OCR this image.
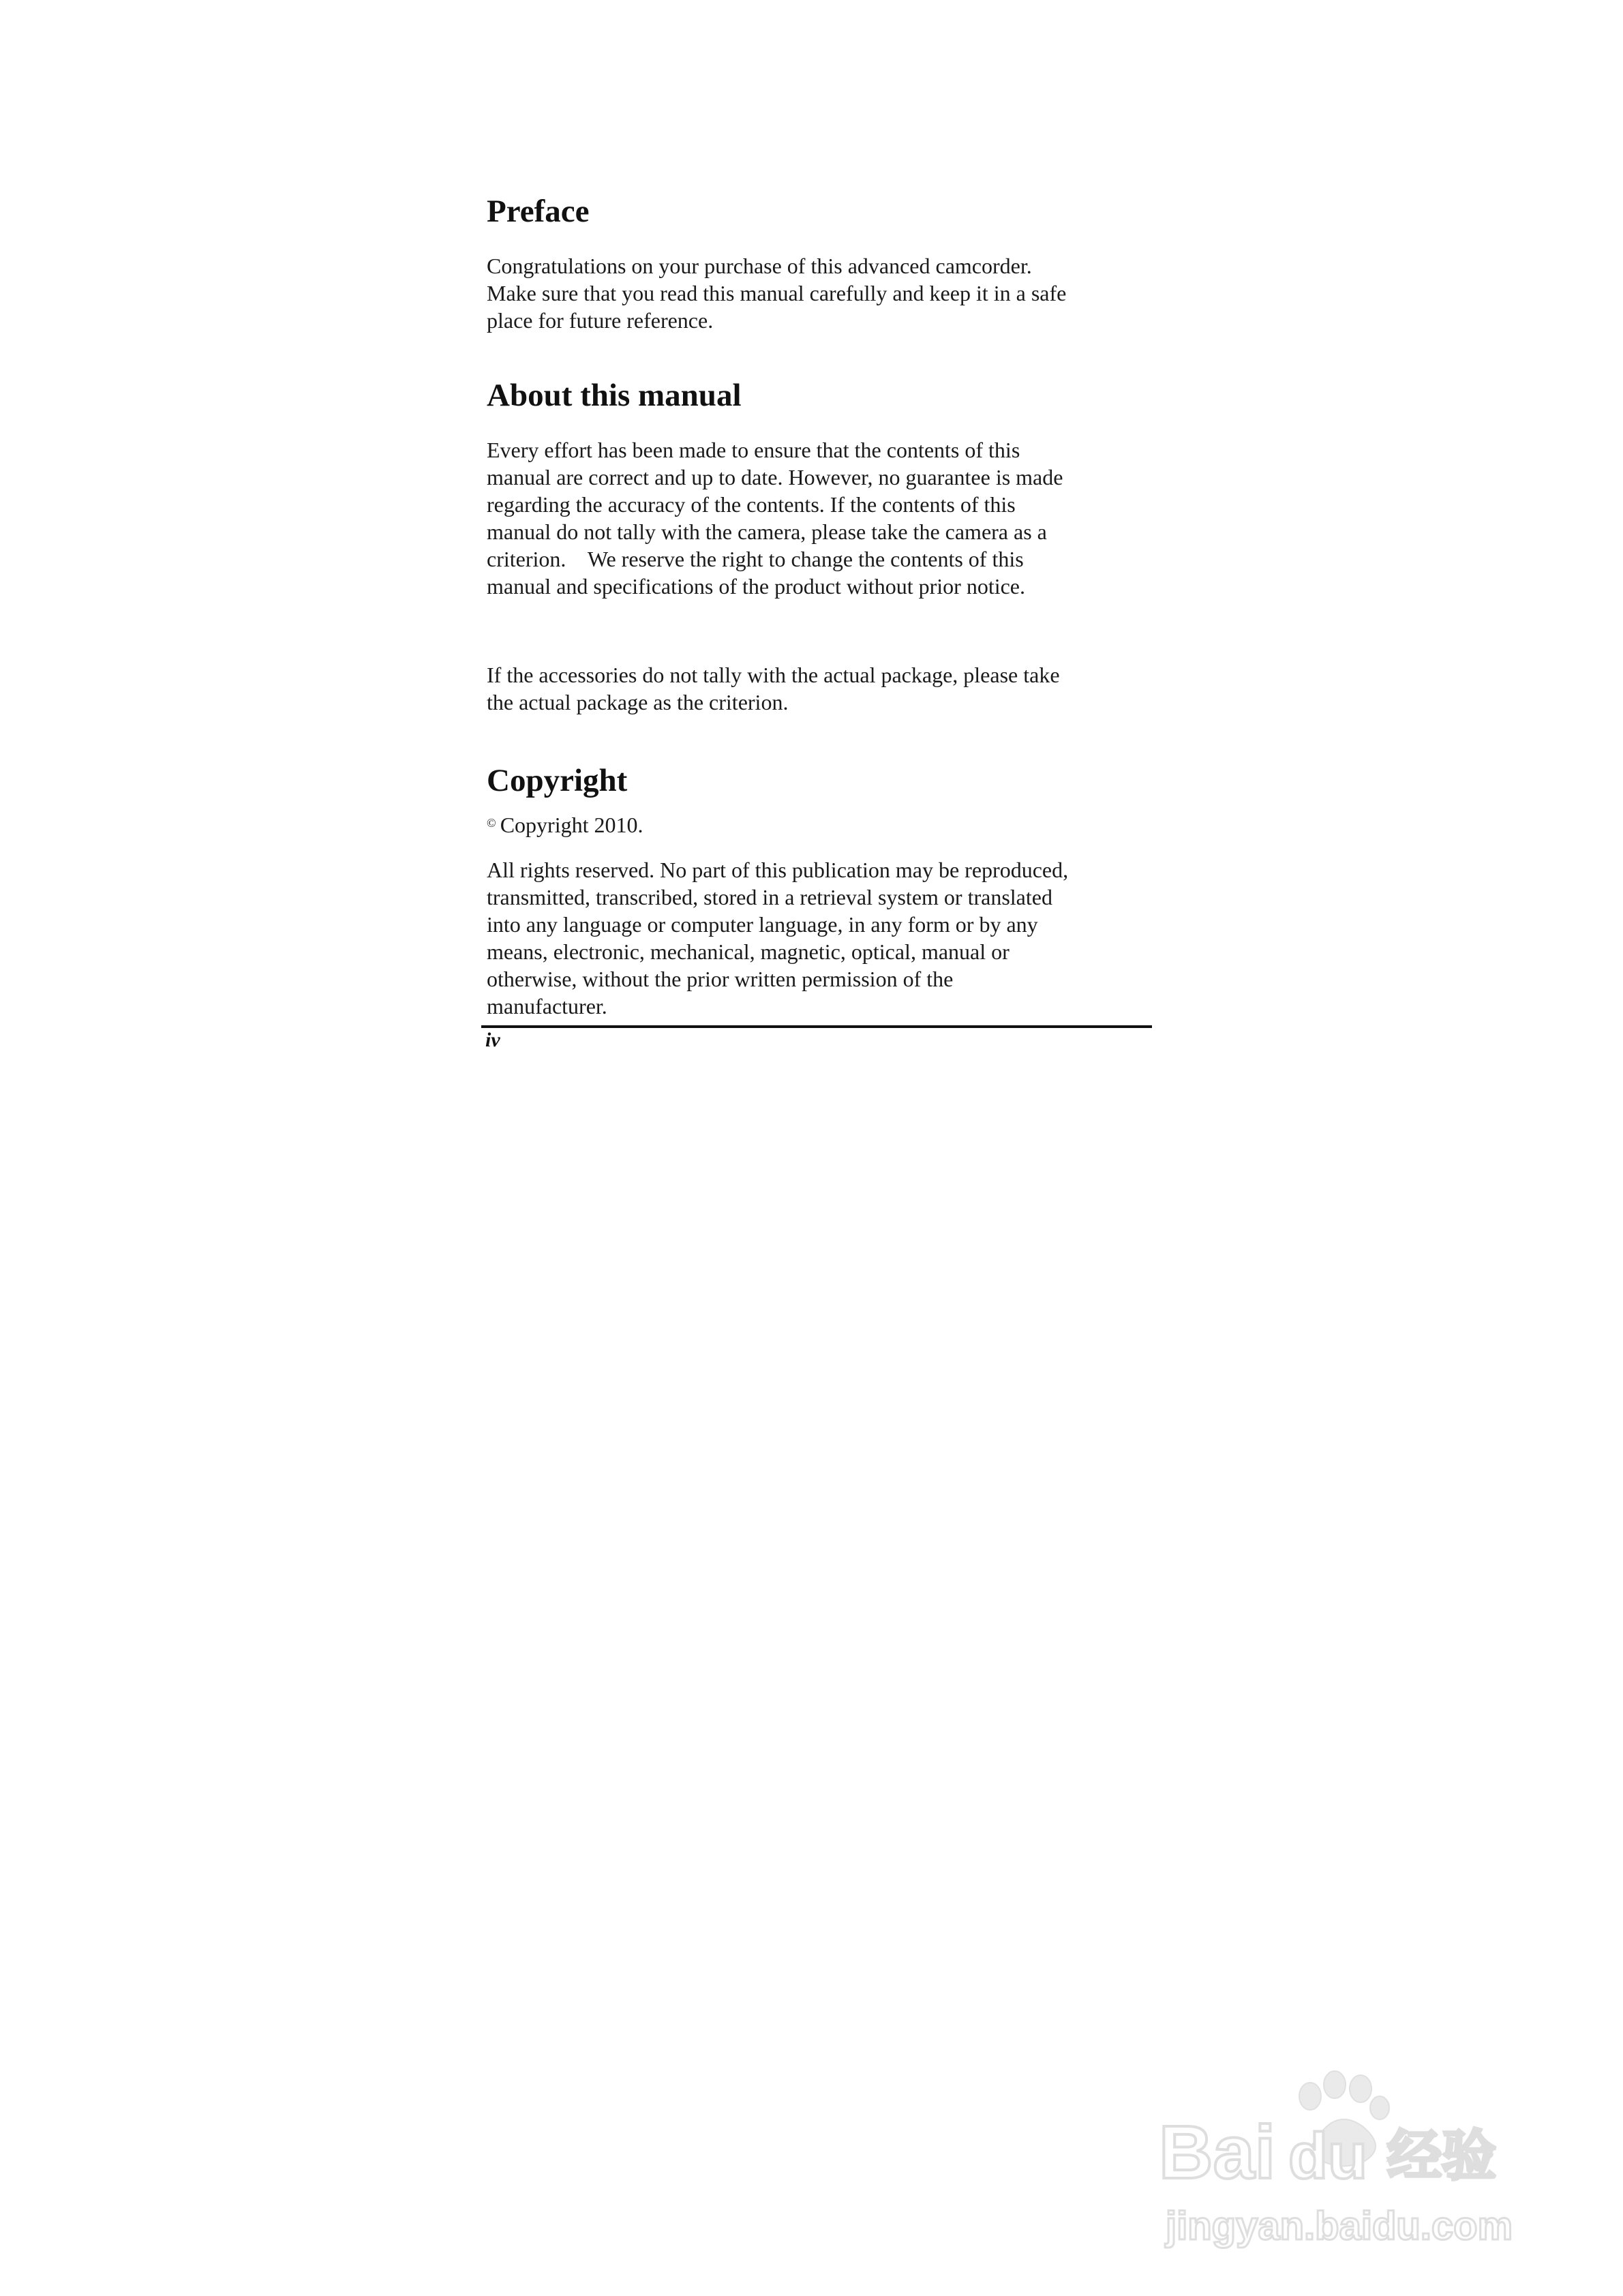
Preface

Congratulations on your purchase of this advanced camcorder.
Make sure that you read this manual carefully and keep it in a safe
place for future reference.

About this manual

Every effort has been made to ensure that the contents of this
manual are correct and up to date. However, no guarantee is made
regarding the accuracy of the contents. If the contents of this
manual do not tally with the camera, please take the camera as a
criterion.    We reserve the right to change the contents of this
manual and specifications of the product without prior notice.

If the accessories do not tally with the actual package, please take
the actual package as the criterion.

Copyright

© Copyright 2010.

All rights reserved. No part of this publication may be reproduced,
transmitted, transcribed, stored in a retrieval system or translated
into any language or computer language, in any form or by any
means, electronic, mechanical, magnetic, optical, manual or
otherwise, without the prior written permission of the
manufacturer.

iv
Bai du 经验
jingyan.baidu.com
